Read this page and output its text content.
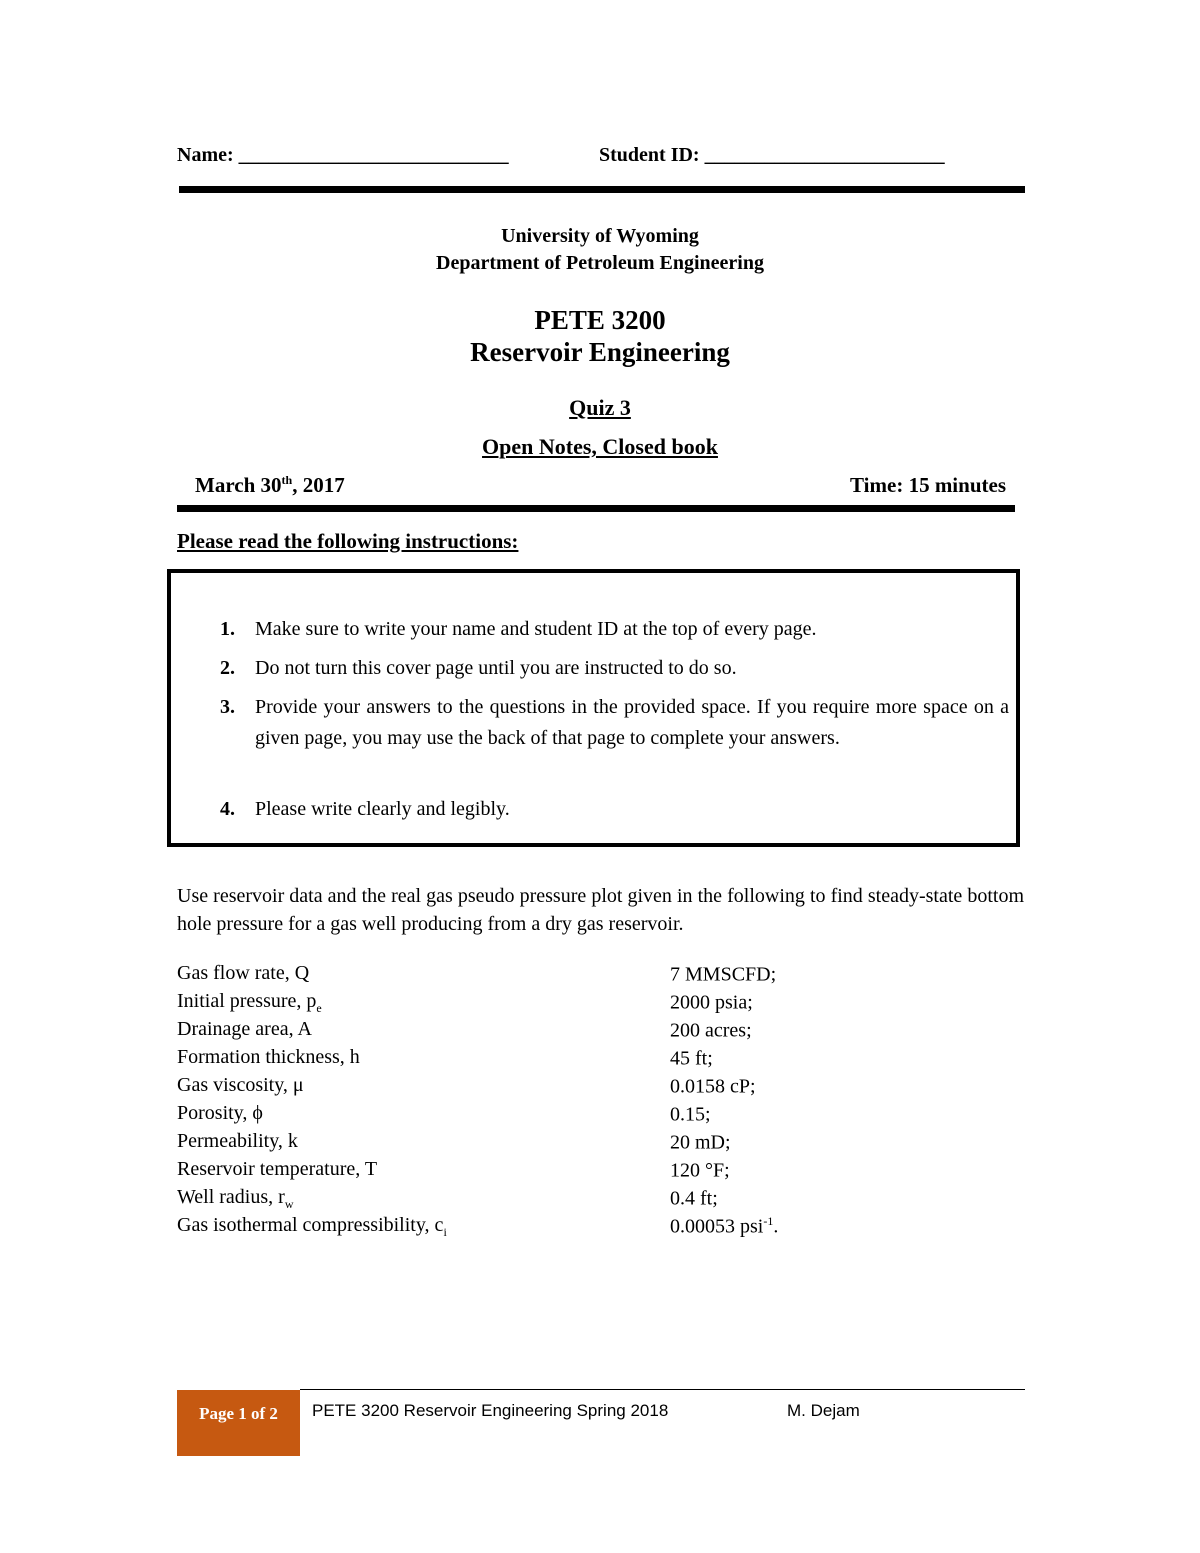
Name: ___________________________	Student ID: ________________________
University of Wyoming
Department of Petroleum Engineering
PETE 3200
Reservoir Engineering
Quiz 3
Open Notes, Closed book
March 30th, 2017	Time: 15 minutes
Please read the following instructions:
1. Make sure to write your name and student ID at the top of every page.
2. Do not turn this cover page until you are instructed to do so.
3. Provide your answers to the questions in the provided space. If you require more space on a given page, you may use the back of that page to complete your answers.
4. Please write clearly and legibly.
Use reservoir data and the real gas pseudo pressure plot given in the following to find steady-state bottom hole pressure for a gas well producing from a dry gas reservoir.
Gas flow rate, Q	7 MMSCFD;
Initial pressure, $p_e$	2000 psia;
Drainage area, A	200 acres;
Formation thickness, h	45 ft;
Gas viscosity, μ	0.0158 cP;
Porosity, ϕ	0.15;
Permeability, k	20 mD;
Reservoir temperature, T	120 °F;
Well radius, $r_w$	0.4 ft;
Gas isothermal compressibility, $c_i$	0.00053 psi$^{-1}$.
Page 1 of 2	PETE 3200 Reservoir Engineering Spring 2018	M. Dejam
